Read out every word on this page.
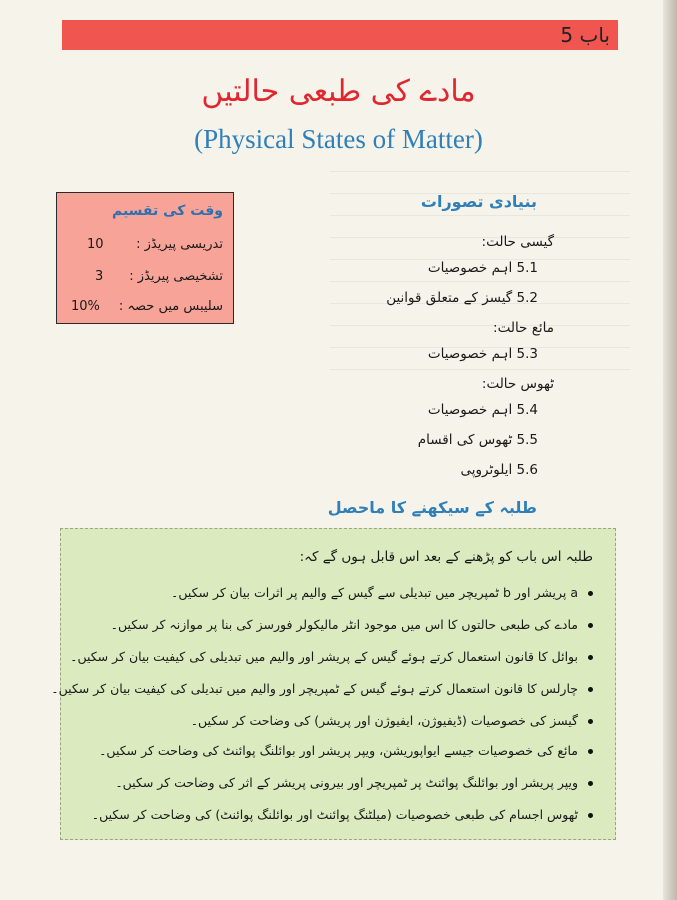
باب 5
مادے کی طبعی حالتیں
(Physical States of Matter)
وقت کی تقسیم
تدریسی پیریڈز :
10
تشخیصی پیریڈز :
3
سلیبس میں حصہ :
10%
بنیادی تصورات
گیسی حالت:
5.1 اہم خصوصیات
5.2 گیسز کے متعلق قوانین
مائع حالت:
5.3 اہم خصوصیات
ٹھوس حالت:
5.4 اہم خصوصیات
5.5 ٹھوس کی اقسام
5.6 ایلوٹروپی
طلبہ کے سیکھنے کا ماحصل
طلبہ اس باب کو پڑھنے کے بعد اس قابل ہوں گے کہ:
a پریشر اور b ٹمپریچر میں تبدیلی سے گیس کے والیم پر اثرات بیان کر سکیں۔
مادے کی طبعی حالتوں کا اس میں موجود انٹر مالیکولر فورسز کی بنا پر موازنہ کر سکیں۔
بوائل کا قانون استعمال کرتے ہوئے گیس کے پریشر اور والیم میں تبدیلی کی کیفیت بیان کر سکیں۔
چارلس کا قانون استعمال کرتے ہوئے گیس کے ٹمپریچر اور والیم میں تبدیلی کی کیفیت بیان کر سکیں۔
گیسز کی خصوصیات (ڈیفیوژن، ایفیوژن اور پریشر) کی وضاحت کر سکیں۔
مائع کی خصوصیات جیسے ایواپوریشن، ویپر پریشر اور بوائلنگ پوائنٹ کی وضاحت کر سکیں۔
ویپر پریشر اور بوائلنگ پوائنٹ پر ٹمپریچر اور بیرونی پریشر کے اثر کی وضاحت کر سکیں۔
ٹھوس اجسام کی طبعی خصوصیات (میلٹنگ پوائنٹ اور بوائلنگ پوائنٹ) کی وضاحت کر سکیں۔
